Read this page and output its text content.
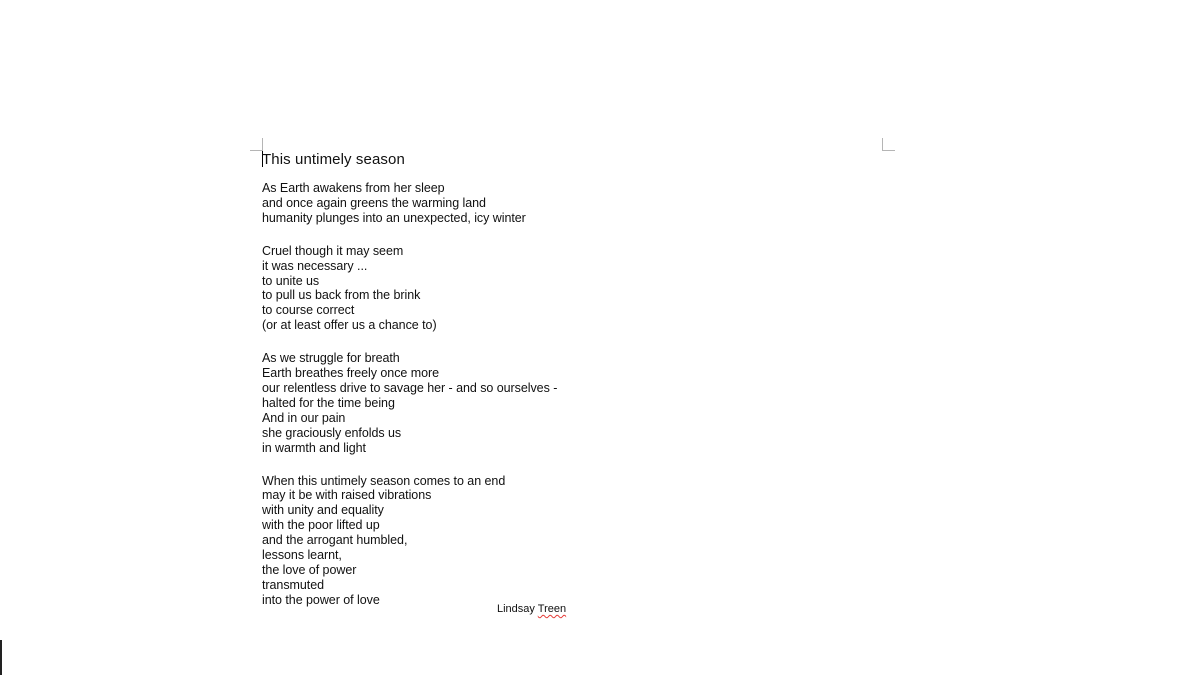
This untimely season
As Earth awakens from her sleep
and once again greens the warming land
humanity plunges into an unexpected, icy winter
Cruel though it may seem
it was necessary ...
to unite us
to pull us back from the brink
to course correct
(or at least offer us a chance to)
As we struggle for breath
Earth breathes freely once more
our relentless drive to savage her - and so ourselves -
halted for the time being
And in our pain
she graciously enfolds us
in warmth and light
When this untimely season comes to an end
may it be with raised vibrations
with unity and equality
with the poor lifted up
and the arrogant humbled,
lessons learnt,
the love of power
transmuted
into the power of love
Lindsay Treen
